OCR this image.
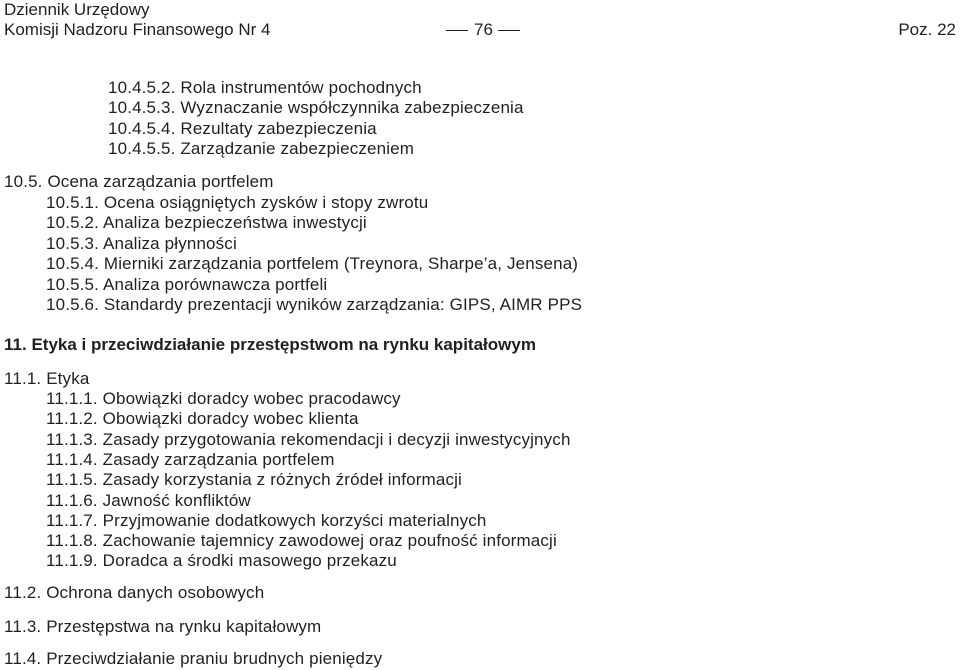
Dziennik Urzędowy
Komisji Nadzoru Finansowego Nr 4	76	Poz. 22
10.4.5.2. Rola instrumentów pochodnych
10.4.5.3. Wyznaczanie współczynnika zabezpieczenia
10.4.5.4. Rezultaty zabezpieczenia
10.4.5.5. Zarządzanie zabezpieczeniem
10.5. Ocena zarządzania portfelem
10.5.1. Ocena osiągniętych zysków i stopy zwrotu
10.5.2. Analiza bezpieczeństwa inwestycji
10.5.3. Analiza płynności
10.5.4. Mierniki zarządzania portfelem (Treynora, Sharpe’a, Jensena)
10.5.5. Analiza porównawcza portfeli
10.5.6. Standardy prezentacji wyników zarządzania: GIPS, AIMR PPS
11. Etyka i przeciwdziałanie przestępstwom na rynku kapitałowym
11.1. Etyka
11.1.1. Obowiązki doradcy wobec pracodawcy
11.1.2. Obowiązki doradcy wobec klienta
11.1.3. Zasady przygotowania rekomendacji i decyzji inwestycyjnych
11.1.4. Zasady zarządzania portfelem
11.1.5. Zasady korzystania z różnych źródeł informacji
11.1.6. Jawność konfliktów
11.1.7. Przyjmowanie dodatkowych korzyści materialnych
11.1.8. Zachowanie tajemnicy zawodowej oraz poufność informacji
11.1.9. Doradca a środki masowego przekazu
11.2. Ochrona danych osobowych
11.3. Przestępstwa na rynku kapitałowym
11.4. Przeciwdziałanie praniu brudnych pieniędzy
